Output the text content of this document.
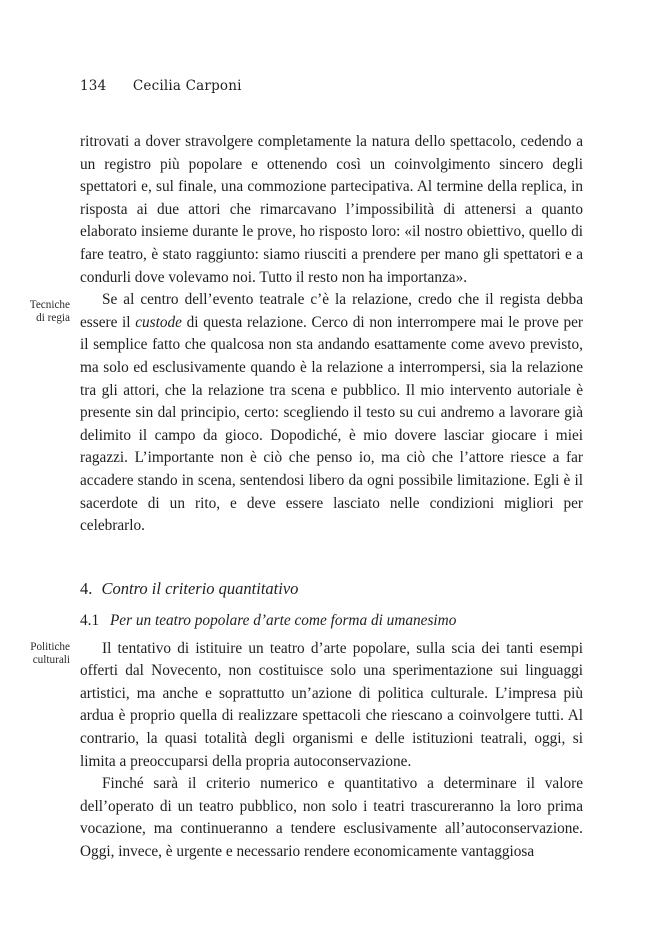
134 Cecilia Carponi
Tecniche
di regia
Politiche
culturali

ritrovati a dover stravolgere completamente la natura dello spettacolo, cedendo a un registro più popolare e ottenendo così un coinvolgimento sincero degli spettatori e, sul finale, una commozione partecipativa. Al termine della replica, in risposta ai due attori che rimarcavano l’impossibilità di attenersi a quanto elaborato insieme durante le prove, ho risposto loro: «il nostro obiettivo, quello di fare teatro, è stato raggiunto: siamo riusciti a prendere per mano gli spettatori e a condurli dove volevamo noi. Tutto il resto non ha importanza».

Se al centro dell’evento teatrale c’è la relazione, credo che il regista debba essere il custode di questa relazione. Cerco di non interrompere mai le prove per il semplice fatto che qualcosa non sta andando esattamente come avevo previsto, ma solo ed esclusivamente quando è la relazione a interrompersi, sia la relazione tra gli attori, che la relazione tra scena e pubblico. Il mio intervento autoriale è presente sin dal principio, certo: scegliendo il testo su cui andremo a lavorare già delimito il campo da gioco. Dopodiché, è mio dovere lasciar giocare i miei ragazzi. L’importante non è ciò che penso io, ma ciò che l’attore riesce a far accadere stando in scena, sentendosi libero da ogni possibile limitazione. Egli è il sacerdote di un rito, e deve essere lasciato nelle condizioni migliori per celebrarlo.

4. Contro il criterio quantitativo
4.1 Per un teatro popolare d’arte come forma di umanesimo

Il tentativo di istituire un teatro d’arte popolare, sulla scia dei tanti esempi offerti dal Novecento, non costituisce solo una sperimentazione sui linguaggi artistici, ma anche e soprattutto un’azione di politica culturale. L’impresa più ardua è proprio quella di realizzare spettacoli che riescano a coinvolgere tutti. Al contrario, la quasi totalità degli organismi e delle istituzioni teatrali, oggi, si limita a preoccuparsi della propria autoconservazione.

Finché sarà il criterio numerico e quantitativo a determinare il valore dell’operato di un teatro pubblico, non solo i teatri trascureranno la loro prima vocazione, ma continueranno a tendere esclusivamente all’autoconservazione. Oggi, invece, è urgente e necessario rendere economicamente vantaggiosa
